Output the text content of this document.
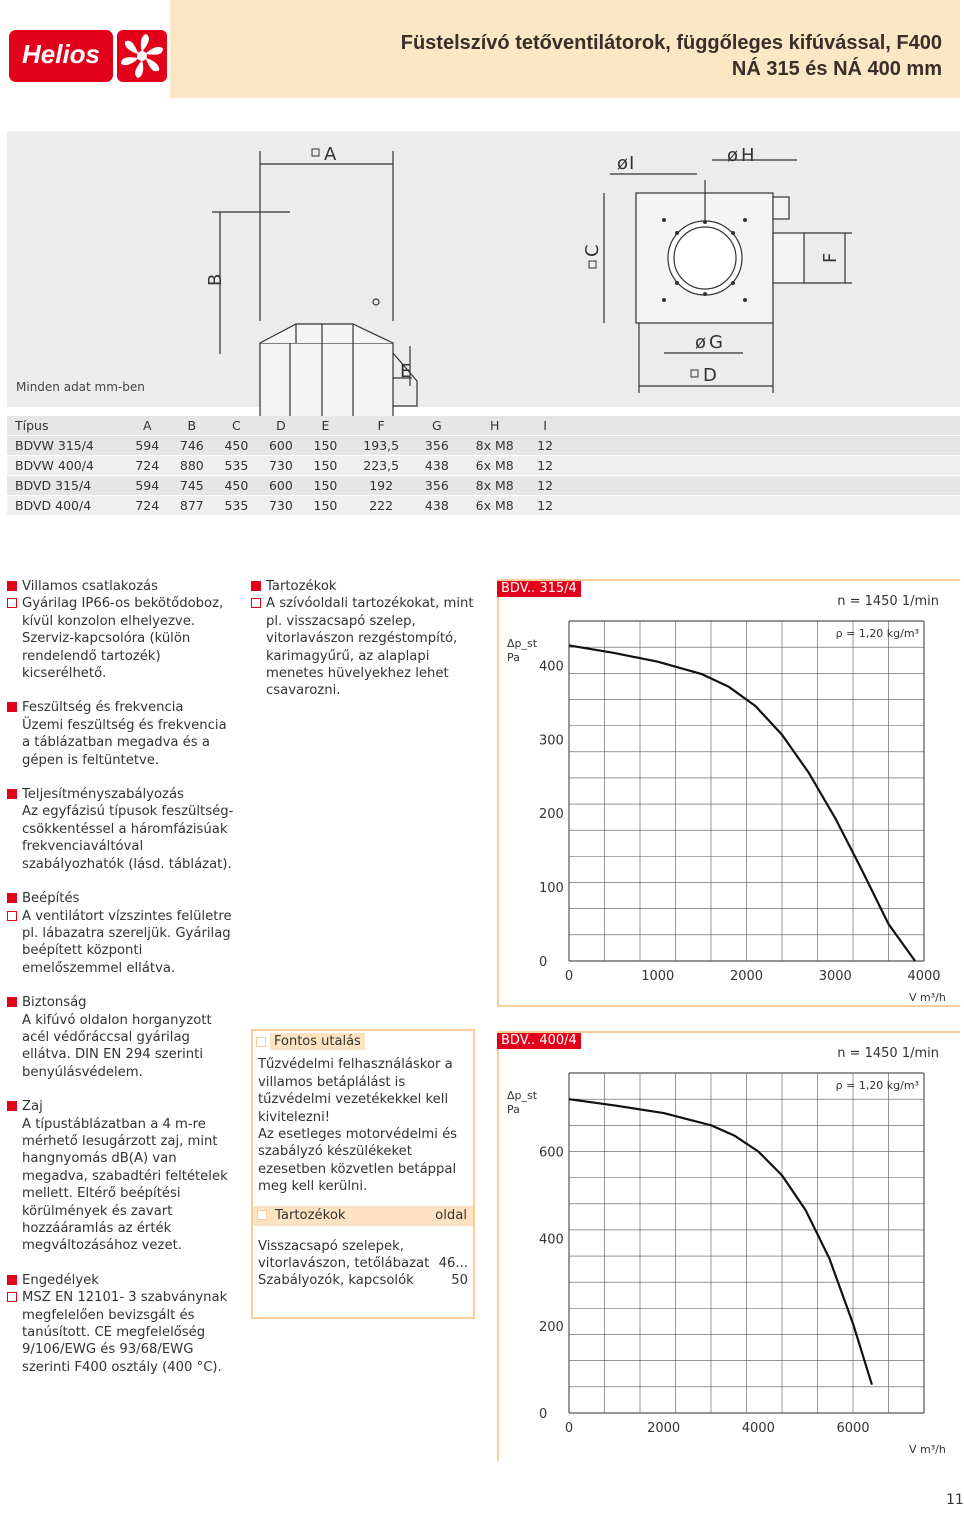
Helios	Füstelszívó tetőventilátorok, függőleges kifúvással, F400
NÁ 315 és NÁ 400 mm
A
B
E
ø I	ø H
C
F
ø G
D
Minden adat mm-ben
Típus	A	B	C	D	E	F	G	H	I	
BDVW 315/4	594	746	450	600	150	193,5	356	8x M8	12	
BDVW 400/4	724	880	535	730	150	223,5	438	6x M8	12	
BDVD 315/4	594	745	450	600	150	192	356	8x M8	12	
BDVD 400/4	724	877	535	730	150	222	438	6x M8	12	
Villamos csatlakozás
Gyárilag IP66-os bekötődoboz, kívül konzolon elhelyezve. Szerviz-kapcsolóra (külön rendelendő tartozék) kicserélhető.
Feszültség és frekvencia
Üzemi feszültség és frekvencia a táblázatban megadva és a gépen is feltüntetve.
Teljesítményszabályozás
Az egyfázisú típusok feszültség-csökkentéssel a háromfázisúak frekvenciaváltóval szabályozhatók (lásd. táblázat).
Beépítés
A ventilátort vízszintes felületre pl. lábazatra szereljük. Gyárilag beépített központi emelőszemmel ellátva.
Biztonság
A kifúvó oldalon horganyzott acél védőráccsal gyárilag ellátva. DIN EN 294 szerinti benyúlásvédelem.
Zaj
A típustáblázatban a 4 m-re mérhető lesugárzott zaj, mint hangnyomás dB(A) van megadva, szabadtéri feltételek mellett. Eltérő beépítési körülmények és zavart hozzááramlás az érték megváltozásához vezet.
Engedélyek
MSZ EN 12101- 3 szabványnak megfelelően bevizsgált és tanúsított. CE megfelelőség 9/106/EWG és 93/68/EWG szerinti F400 osztály (400 °C).
Tartozékok
A szívóoldali tartozékokat, mint pl. visszacsapó szelep, vitorlavászon rezgéstompító, karimagyűrű, az alaplapi menetes hüvelyekhez lehet csavarozni.
Fontos utalás
Tűzvédelmi felhasználáskor a villamos betáplálást is tűzvédelmi vezetékekkel kell kivitelezni!
Az esetleges motorvédelmi és szabályzó készülékeket ezesetben közvetlen betáppal meg kell kerülni.
Tartozékok	oldal
Visszacsapó szelepek, vitorlavászon, tetőlábazat 46...
Szabályozók, kapcsolók	50
BDV.. 315/4
400
300
200
100
0
0	1000	2000	3000	4000
Δp_st
Pa
V m³/h
n = 1450 1/min
ρ = 1,20 kg/m³
BDV.. 400/4
600
400
200
0
0	2000	4000	6000
Δp_st
Pa
V m³/h
n = 1450 1/min
ρ = 1,20 kg/m³
11
